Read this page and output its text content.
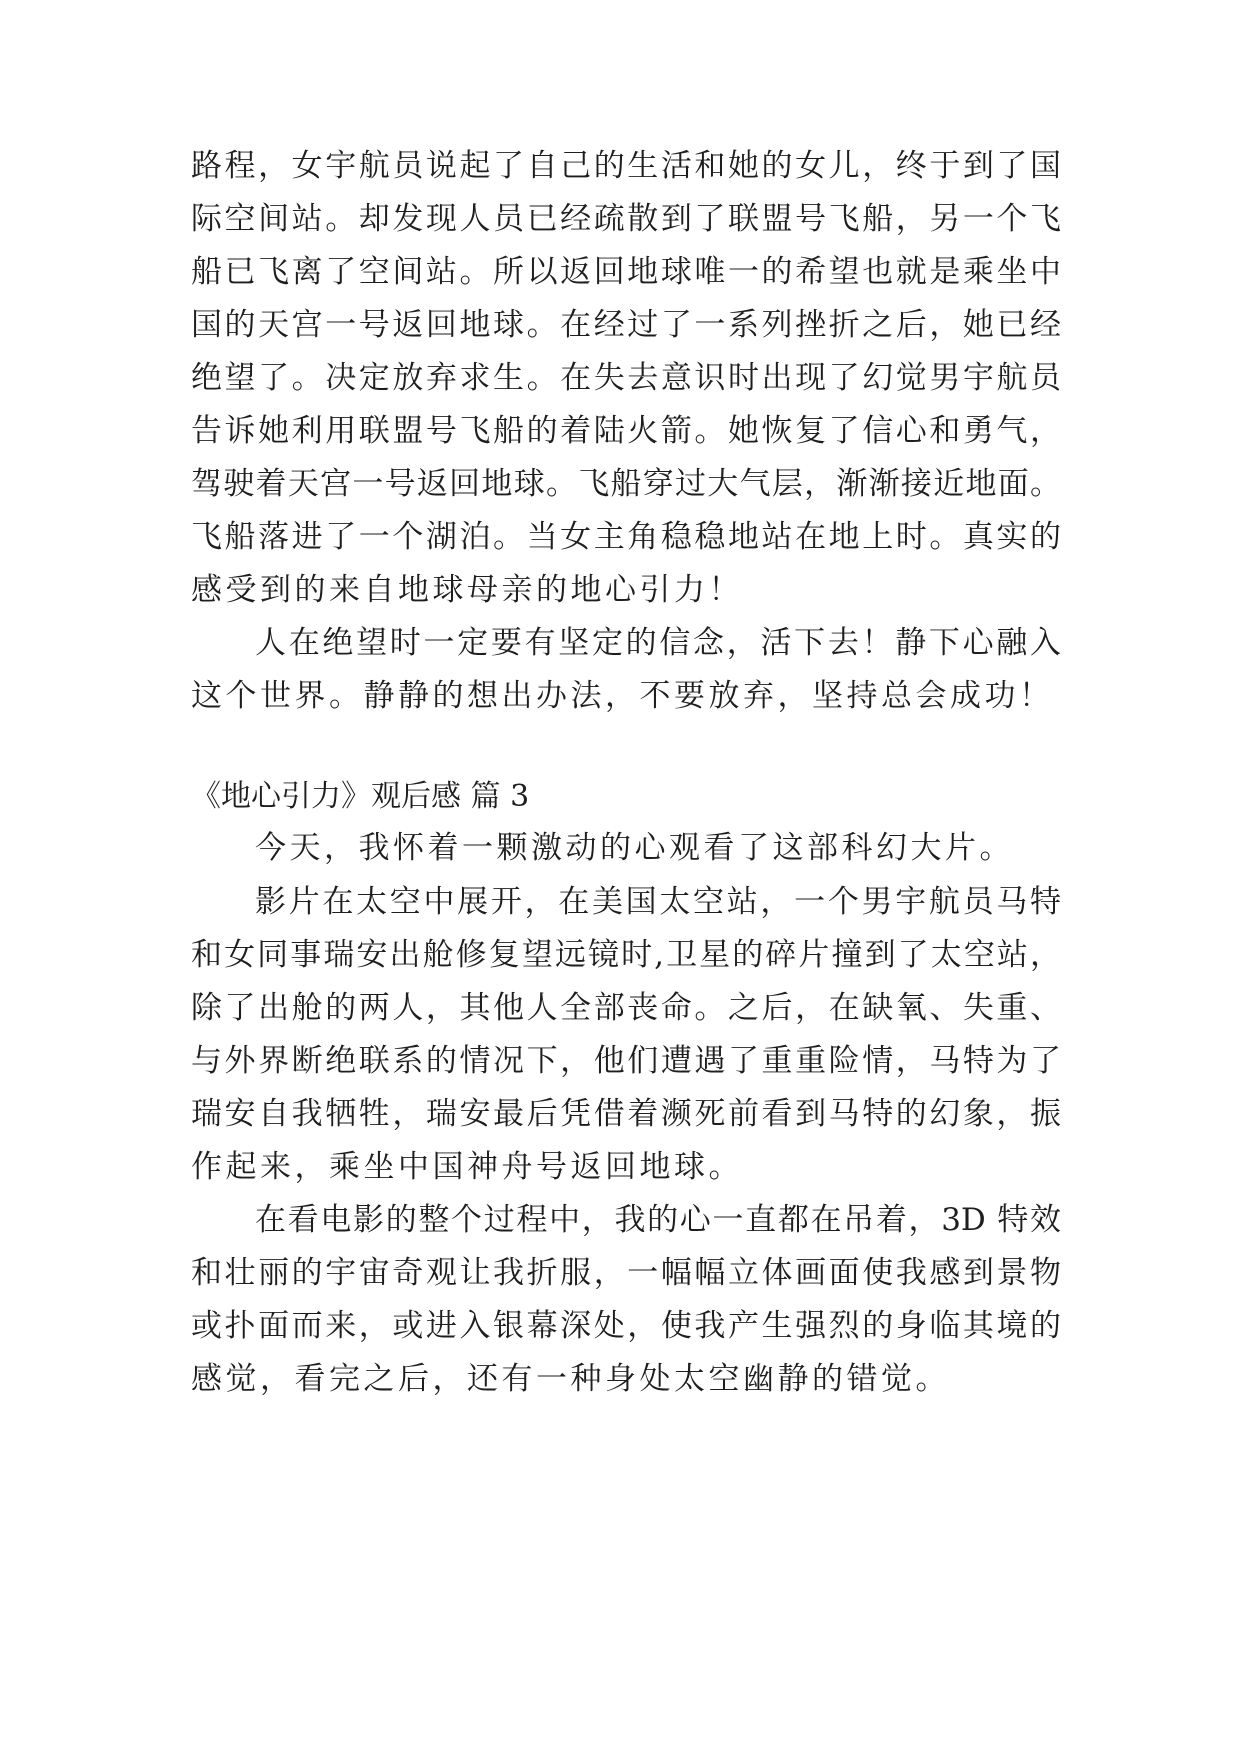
路程，女宇航员说起了自己的生活和她的女儿，终于到了国
际空间站。却发现人员已经疏散到了联盟号飞船，另一个飞
船已飞离了空间站。所以返回地球唯一的希望也就是乘坐中
国的天宫一号返回地球。在经过了一系列挫折之后，她已经
绝望了。决定放弃求生。在失去意识时出现了幻觉男宇航员
告诉她利用联盟号飞船的着陆火箭。她恢复了信心和勇气，
驾驶着天宫一号返回地球。飞船穿过大气层，渐渐接近地面。
飞船落进了一个湖泊。当女主角稳稳地站在地上时。真实的
感受到的来自地球母亲的地心引力！
人在绝望时一定要有坚定的信念，活下去！静下心融入
这个世界。静静的想出办法，不要放弃，坚持总会成功！
《地心引力》观后感 篇 3
今天，我怀着一颗激动的心观看了这部科幻大片。
影片在太空中展开，在美国太空站，一个男宇航员马特
和女同事瑞安出舱修复望远镜时,卫星的碎片撞到了太空站，
除了出舱的两人，其他人全部丧命。之后，在缺氧、失重、
与外界断绝联系的情况下，他们遭遇了重重险情，马特为了
瑞安自我牺牲，瑞安最后凭借着濒死前看到马特的幻象，振
作起来，乘坐中国神舟号返回地球。
在看电影的整个过程中，我的心一直都在吊着，3D 特效
和壮丽的宇宙奇观让我折服，一幅幅立体画面使我感到景物
或扑面而来，或进入银幕深处，使我产生强烈的身临其境的
感觉，看完之后，还有一种身处太空幽静的错觉。
